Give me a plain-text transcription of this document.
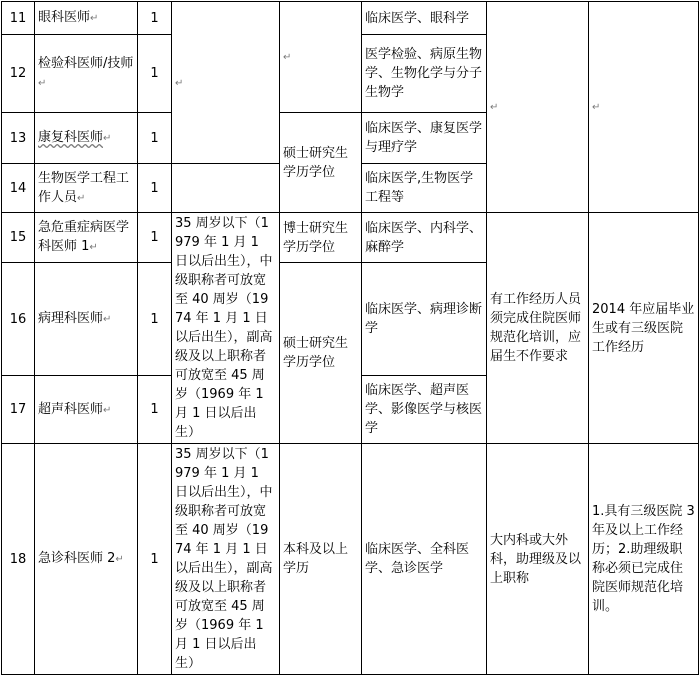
11	眼科医师↵	1	↵	↵	临床医学、眼科学	↵	↵
12	检验科医师/技师↵	1			医学检验、病原生物学、生物化学与分子生物学		
13	康复科医师↵	1		硕士研究生学历学位	临床医学、康复医学与理疗学		
14	生物医学工程工作人员↵	1			临床医学,生物医学工程等		
15	急危重症病医学科医师 1↵	1	35 周岁以下（1979 年 1 月 1 日以后出生），中级职称者可放宽至 40 周岁（1974 年 1 月 1 日以后出生），副高级及以上职称者可放宽至 45 周岁（1969 年 1 月 1 日以后出生）	博士研究生学历学位	临床医学、内科学、麻醉学	有工作经历人员须完成住院医师规范化培训，应届生不作要求	2014 年应届毕业生或有三级医院工作经历
16	病理科医师↵	1		硕士研究生学历学位	临床医学、病理诊断学		
17	超声科医师↵	1			临床医学、超声医学、影像医学与核医学		
18	急诊科医师 2↵	1	35 周岁以下（1979 年 1 月 1 日以后出生），中级职称者可放宽至 40 周岁（1974 年 1 月 1 日以后出生），副高级及以上职称者可放宽至 45 周岁（1969 年 1 月 1 日以后出生）	本科及以上学历	临床医学、全科医学、急诊医学	大内科或大外科，助理级及以上职称	1.具有三级医院 3 年及以上工作经历；2.助理级职称必须已完成住院医师规范化培训。
